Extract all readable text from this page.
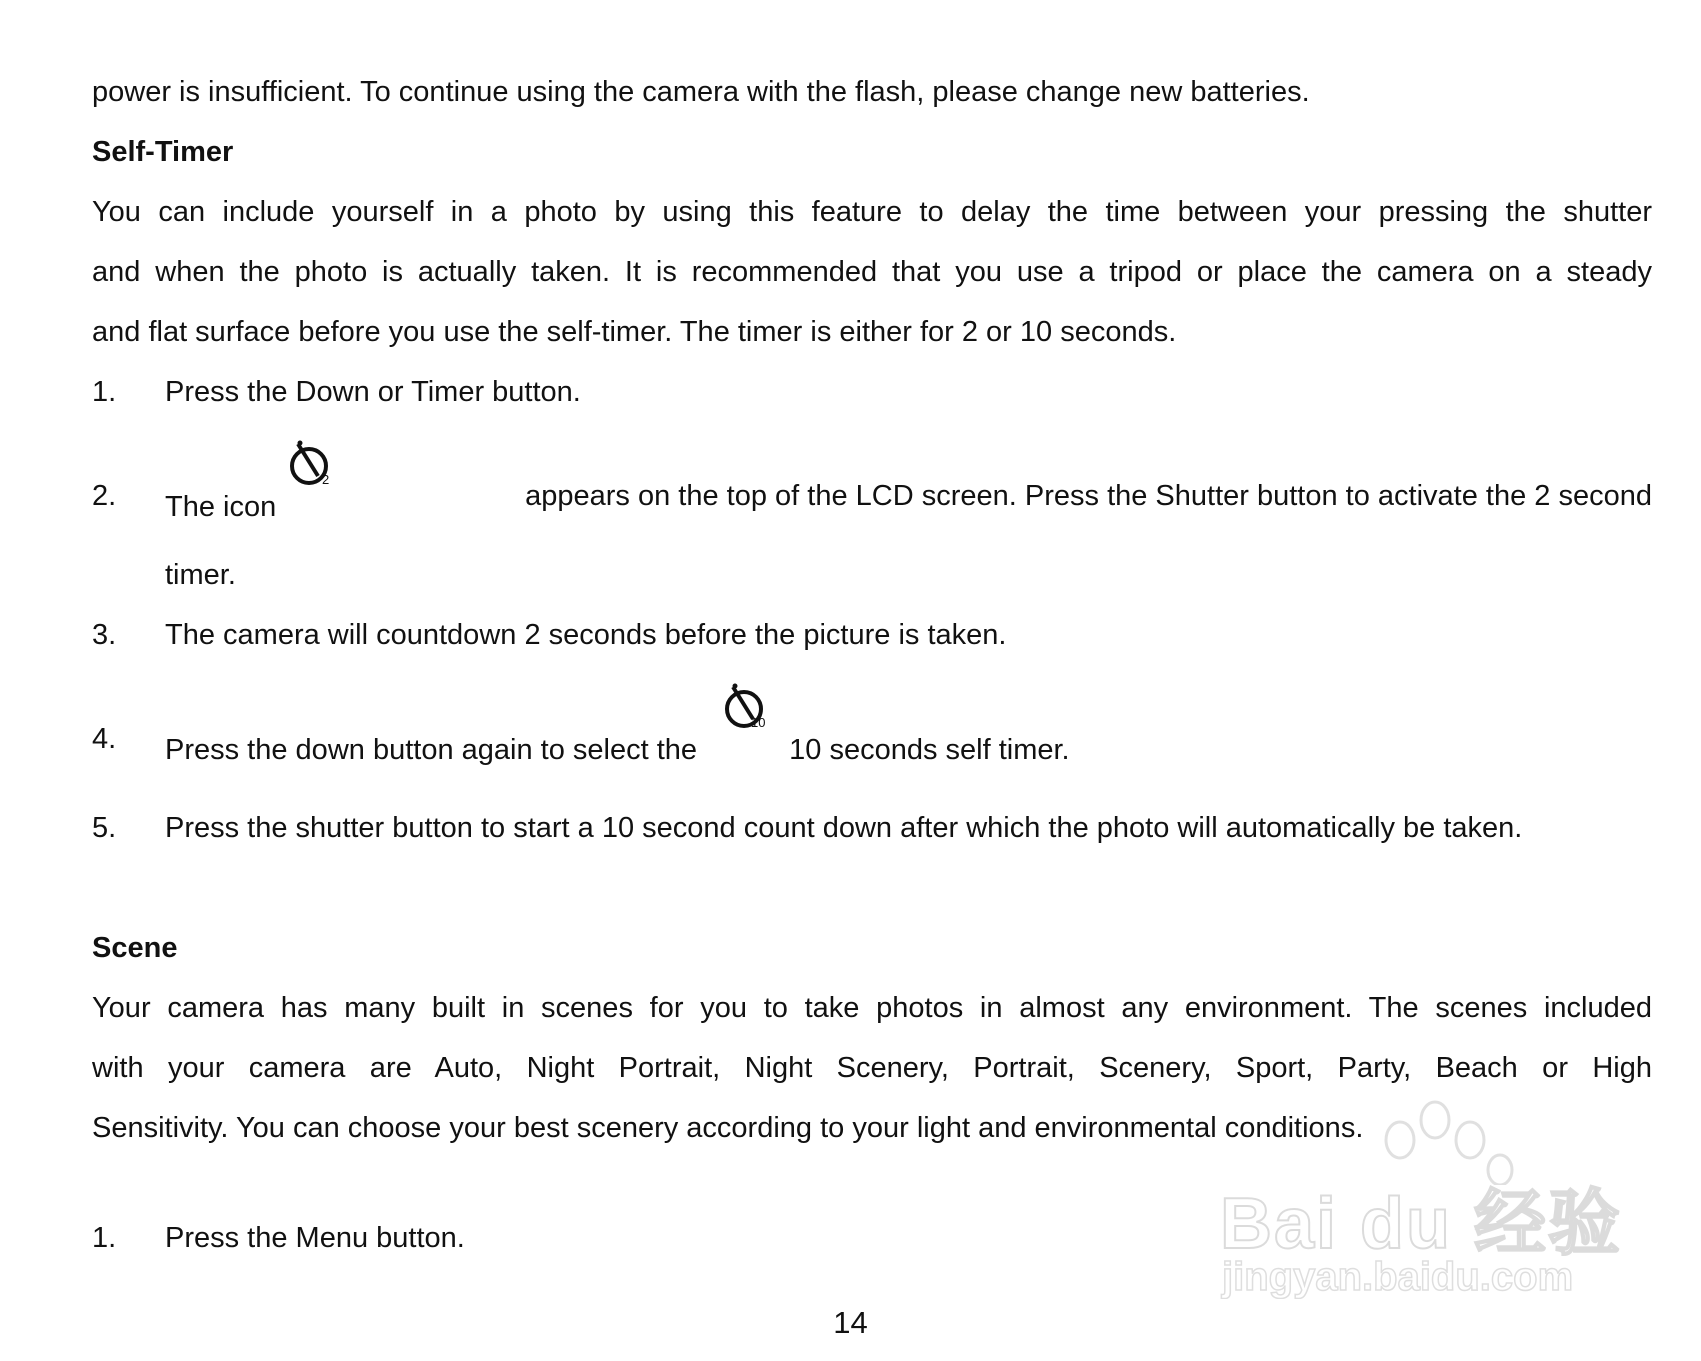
power is insufficient. To continue using the camera with the flash, please change new batteries.

Self-Timer

You can include yourself in a photo by using this feature to delay the time between your pressing the shutter
and when the photo is actually taken. It is recommended that you use a tripod or place the camera on a steady
and flat surface before you use the self-timer. The timer is either for 2 or 10 seconds.

1.	Press the Down or Timer button.
2.	The icon
2
appears on the top of the LCD screen. Press the Shutter button to activate the 2 second
timer.
3.	The camera will countdown 2 seconds before the picture is taken.
4.	Press the down button again to select the
10
10 seconds self timer.
5.	Press the shutter button to start a 10 second count down after which the photo will automatically be taken.

Scene

Your camera has many built in scenes for you to take photos in almost any environment. The scenes included
with your camera are Auto, Night Portrait, Night Scenery, Portrait, Scenery, Sport, Party, Beach or High
Sensitivity. You can choose your best scenery according to your light and environmental conditions.

1.	Press the Menu button.	Bai du 经验
jingyan.baidu.com
14
